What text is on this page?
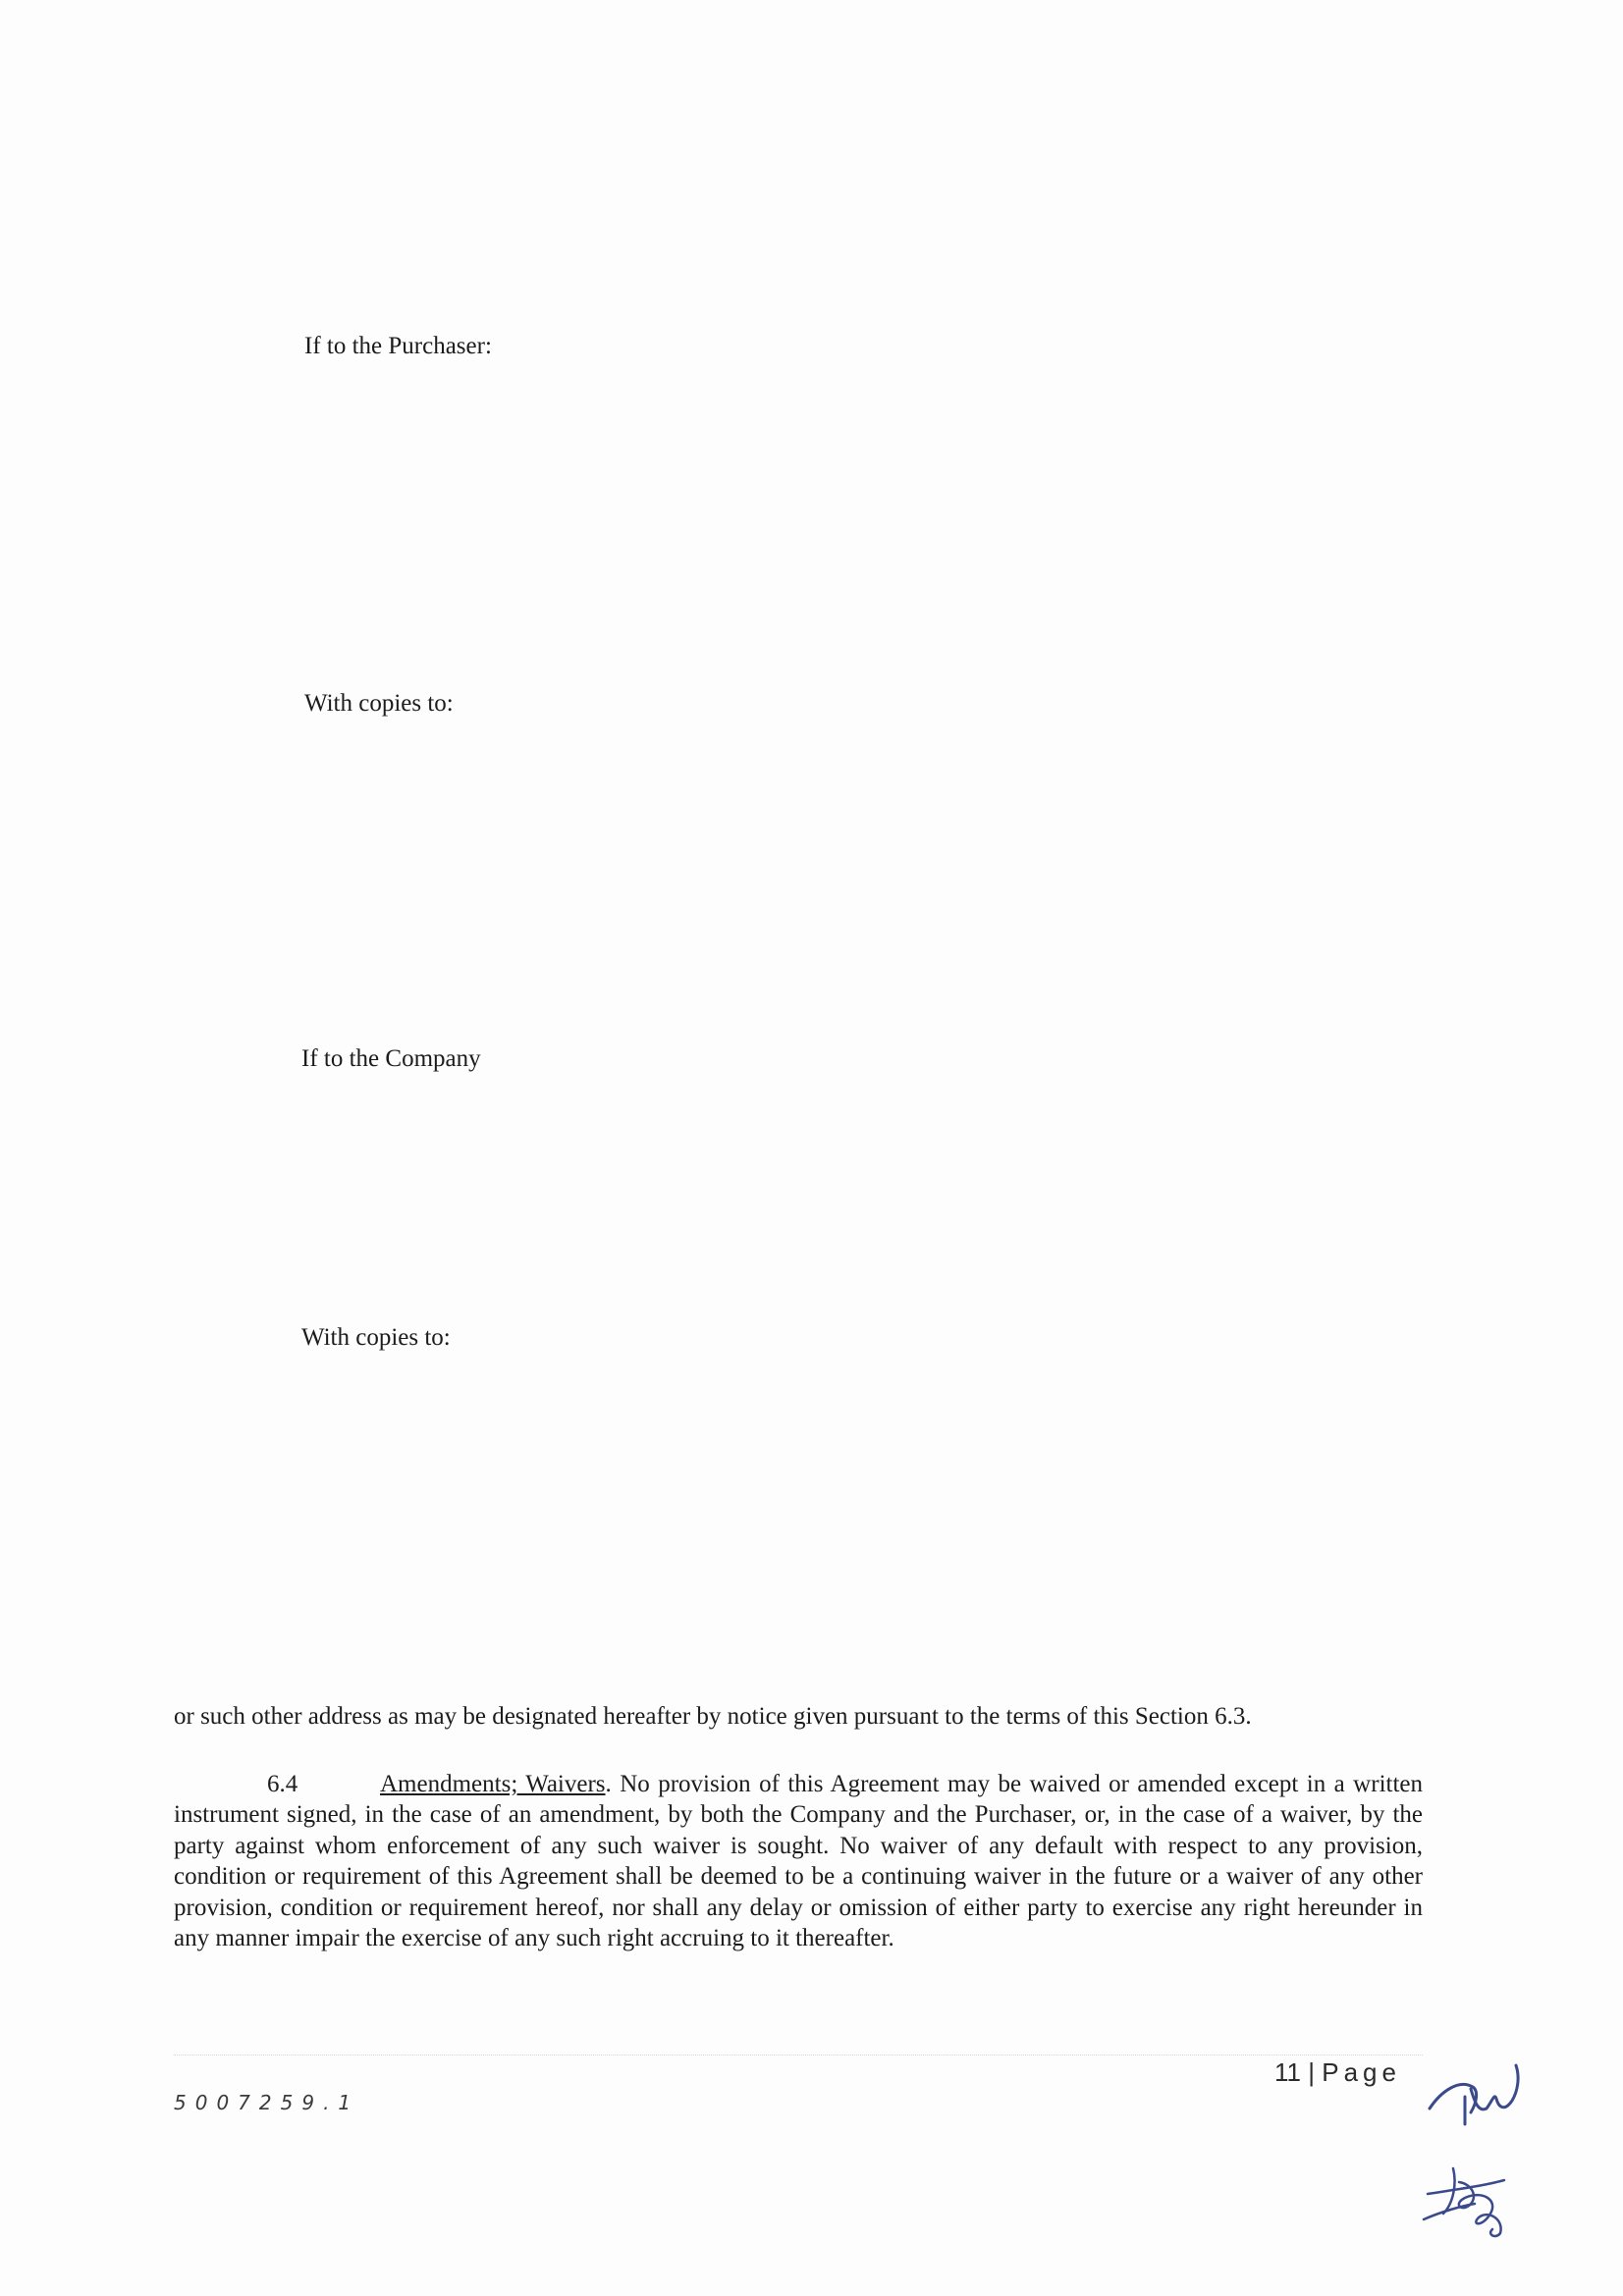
If to the Purchaser:
With copies to:
If to the Company
With copies to:
or such other address as may be designated hereafter by notice given pursuant to the terms of this Section 6.3.
6.4	Amendments; Waivers. No provision of this Agreement may be waived or amended except in a written instrument signed, in the case of an amendment, by both the Company and the Purchaser, or, in the case of a waiver, by the party against whom enforcement of any such waiver is sought. No waiver of any default with respect to any provision, condition or requirement of this Agreement shall be deemed to be a continuing waiver in the future or a waiver of any other provision, condition or requirement hereof, nor shall any delay or omission of either party to exercise any right hereunder in any manner impair the exercise of any such right accruing to it thereafter.
5007259.1
11 | Page
